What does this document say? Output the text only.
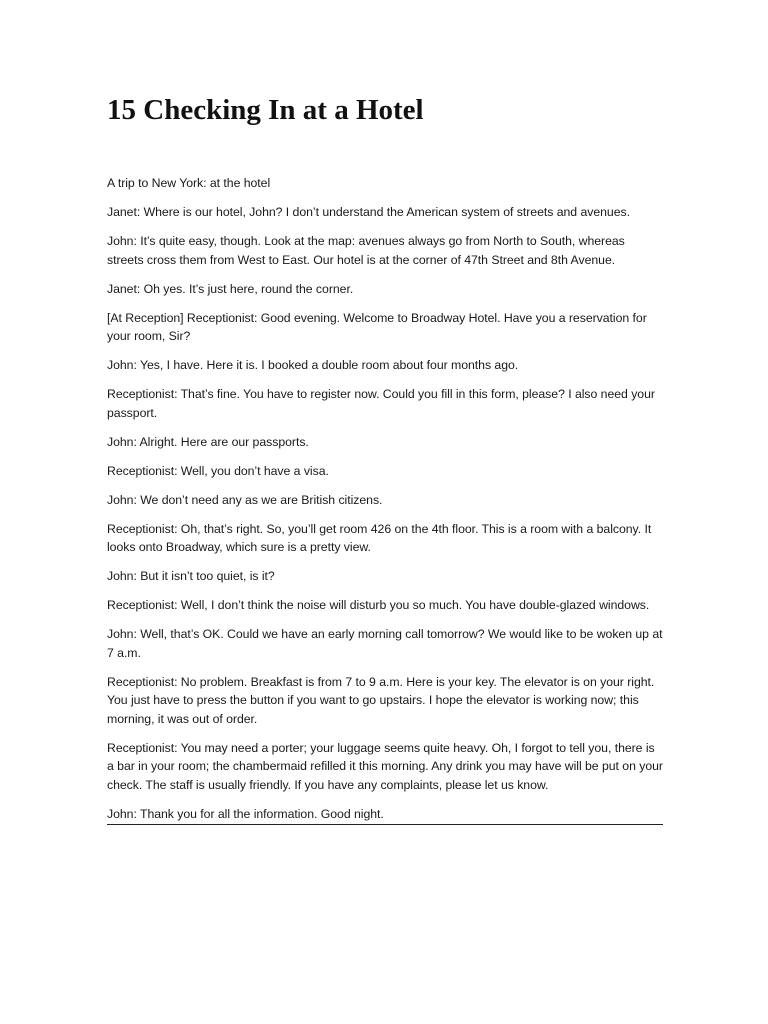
15 Checking In at a Hotel

A trip to New York: at the hotel

Janet: Where is our hotel, John? I don’t understand the American system of streets and avenues.

John: It’s quite easy, though. Look at the map: avenues always go from North to South, whereas streets cross them from West to East. Our hotel is at the corner of 47th Street and 8th Avenue.

Janet: Oh yes. It’s just here, round the corner.

[At Reception] Receptionist: Good evening. Welcome to Broadway Hotel. Have you a reservation for your room, Sir?

John: Yes, I have. Here it is. I booked a double room about four months ago.

Receptionist: That’s fine. You have to register now. Could you fill in this form, please? I also need your passport.

John: Alright. Here are our passports.

Receptionist: Well, you don’t have a visa.

John: We don’t need any as we are British citizens.

Receptionist: Oh, that’s right. So, you’ll get room 426 on the 4th floor. This is a room with a balcony. It looks onto Broadway, which sure is a pretty view.

John: But it isn’t too quiet, is it?

Receptionist: Well, I don’t think the noise will disturb you so much. You have double-glazed windows.

John: Well, that’s OK. Could we have an early morning call tomorrow? We would like to be woken up at 7 a.m.

Receptionist: No problem. Breakfast is from 7 to 9 a.m. Here is your key. The elevator is on your right. You just have to press the button if you want to go upstairs. I hope the elevator is working now; this morning, it was out of order.

Receptionist: You may need a porter; your luggage seems quite heavy. Oh, I forgot to tell you, there is a bar in your room; the chambermaid refilled it this morning. Any drink you may have will be put on your check. The staff is usually friendly. If you have any complaints, please let us know.

John: Thank you for all the information. Good night.
